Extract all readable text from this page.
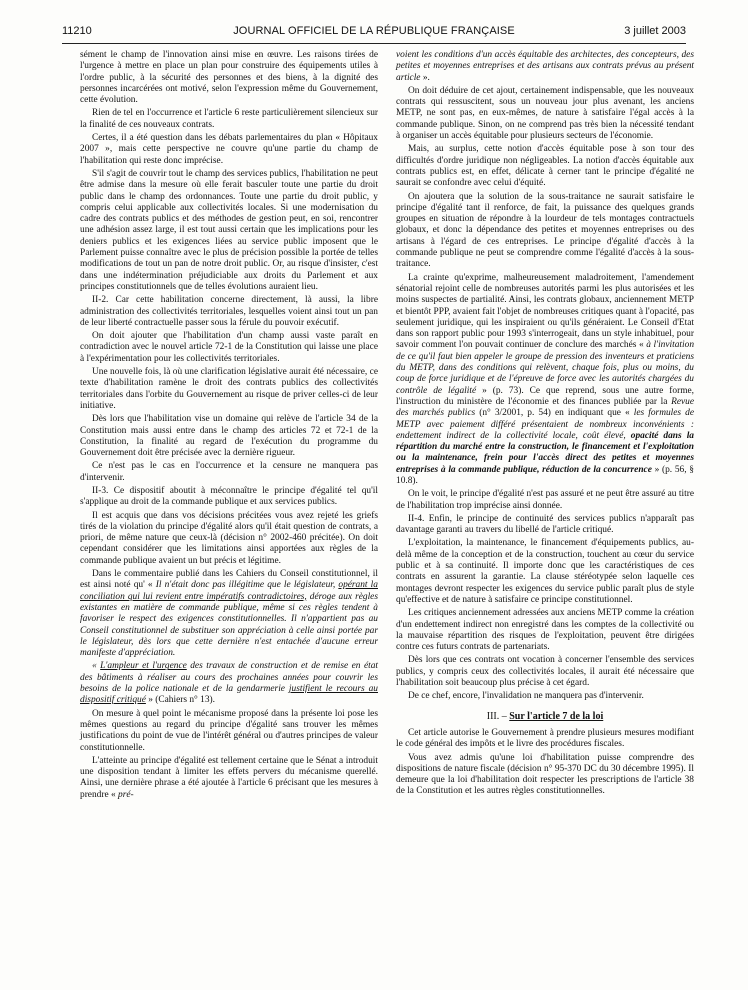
11210	JOURNAL OFFICIEL DE LA RÉPUBLIQUE FRANÇAISE	3 juillet 2003

sément le champ de l'innovation ainsi mise en œuvre. Les raisons tirées de l'urgence à mettre en place un plan pour construire des équipements utiles à l'ordre public, à la sécurité des personnes et des biens, à la dignité des personnes incarcérées ont motivé, selon l'expression même du Gouvernement, cette évolution.

Rien de tel en l'occurrence et l'article 6 reste particulièrement silencieux sur la finalité de ces nouveaux contrats.

Certes, il a été question dans les débats parlementaires du plan « Hôpitaux 2007 », mais cette perspective ne couvre qu'une partie du champ de l'habilitation qui reste donc imprécise.

S'il s'agit de couvrir tout le champ des services publics, l'habilitation ne peut être admise dans la mesure où elle ferait basculer toute une partie du droit public dans le champ des ordonnances. Toute une partie du droit public, y compris celui applicable aux collectivités locales. Si une modernisation du cadre des contrats publics et des méthodes de gestion peut, en soi, rencontrer une adhésion assez large, il est tout aussi certain que les implications pour les deniers publics et les exigences liées au service public imposent que le Parlement puisse connaître avec le plus de précision possible la portée de telles modifications de tout un pan de notre droit public. Or, au risque d'insister, c'est dans une indétermination préjudiciable aux droits du Parlement et aux principes constitutionnels que de telles évolutions auraient lieu.

II-2. Car cette habilitation concerne directement, là aussi, la libre administration des collectivités territoriales, lesquelles voient ainsi tout un pan de leur liberté contractuelle passer sous la férule du pouvoir exécutif.

On doit ajouter que l'habilitation d'un champ aussi vaste paraît en contradiction avec le nouvel article 72-1 de la Constitution qui laisse une place à l'expérimentation pour les collectivités territoriales.

Une nouvelle fois, là où une clarification législative aurait été nécessaire, ce texte d'habilitation ramène le droit des contrats publics des collectivités territoriales dans l'orbite du Gouvernement au risque de priver celles-ci de leur initiative.

Dès lors que l'habilitation vise un domaine qui relève de l'article 34 de la Constitution mais aussi entre dans le champ des articles 72 et 72-1 de la Constitution, la finalité au regard de l'exécution du programme du Gouvernement doit être précisée avec la dernière rigueur.

Ce n'est pas le cas en l'occurrence et la censure ne manquera pas d'intervenir.

II-3. Ce dispositif aboutit à méconnaître le principe d'égalité tel qu'il s'applique au droit de la commande publique et aux services publics.

Il est acquis que dans vos décisions précitées vous avez rejeté les griefs tirés de la violation du principe d'égalité alors qu'il était question de contrats, a priori, de même nature que ceux-là (décision n° 2002-460 précitée). On doit cependant considérer que les limitations ainsi apportées aux règles de la commande publique avaient un but précis et légitime.

Dans le commentaire publié dans les Cahiers du Conseil constitutionnel, il est ainsi noté qu' « Il n'était donc pas illégitime que le législateur, opérant la conciliation qui lui revient entre impératifs contradictoires, déroge aux règles existantes en matière de commande publique, même si ces règles tendent à favoriser le respect des exigences constitutionnelles. Il n'appartient pas au Conseil constitutionnel de substituer son appréciation à celle ainsi portée par le législateur, dès lors que cette dernière n'est entachée d'aucune erreur manifeste d'appréciation.

« L'ampleur et l'urgence des travaux de construction et de remise en état des bâtiments à réaliser au cours des prochaines années pour couvrir les besoins de la police nationale et de la gendarmerie justifient le recours au dispositif critiqué » (Cahiers n° 13).

On mesure à quel point le mécanisme proposé dans la présente loi pose les mêmes questions au regard du principe d'égalité sans trouver les mêmes justifications du point de vue de l'intérêt général ou d'autres principes de valeur constitutionnelle.

L'atteinte au principe d'égalité est tellement certaine que le Sénat a introduit une disposition tendant à limiter les effets pervers du mécanisme querellé. Ainsi, une dernière phrase a été ajoutée à l'article 6 précisant que les mesures à prendre « pré-

voient les conditions d'un accès équitable des architectes, des concepteurs, des petites et moyennes entreprises et des artisans aux contrats prévus au présent article ».

On doit déduire de cet ajout, certainement indispensable, que les nouveaux contrats qui ressuscitent, sous un nouveau jour plus avenant, les anciens METP, ne sont pas, en eux-mêmes, de nature à satisfaire l'égal accès à la commande publique. Sinon, on ne comprend pas très bien la nécessité tendant à organiser un accès équitable pour plusieurs secteurs de l'économie.

Mais, au surplus, cette notion d'accès équitable pose à son tour des difficultés d'ordre juridique non négligeables. La notion d'accès équitable aux contrats publics est, en effet, délicate à cerner tant le principe d'égalité ne saurait se confondre avec celui d'équité.

On ajoutera que la solution de la sous-traitance ne saurait satisfaire le principe d'égalité tant il renforce, de fait, la puissance des quelques grands groupes en situation de répondre à la lourdeur de tels montages contractuels globaux, et donc la dépendance des petites et moyennes entreprises ou des artisans à l'égard de ces entreprises. Le principe d'égalité d'accès à la commande publique ne peut se comprendre comme l'égalité d'accès à la sous-traitance.

La crainte qu'exprime, malheureusement maladroitement, l'amendement sénatorial rejoint celle de nombreuses autorités parmi les plus autorisées et les moins suspectes de partialité. Ainsi, les contrats globaux, anciennement METP et bientôt PPP, avaient fait l'objet de nombreuses critiques quant à l'opacité, pas seulement juridique, qui les inspiraient ou qu'ils généraient. Le Conseil d'Etat dans son rapport public pour 1993 s'interrogeait, dans un style inhabituel, pour savoir comment l'on pouvait continuer de conclure des marchés « à l'invitation de ce qu'il faut bien appeler le groupe de pression des inventeurs et praticiens du METP, dans des conditions qui relèvent, chaque fois, plus ou moins, du coup de force juridique et de l'épreuve de force avec les autorités chargées du contrôle de légalité » (p. 73). Ce que reprend, sous une autre forme, l'instruction du ministère de l'économie et des finances publiée par la Revue des marchés publics (n° 3/2001, p. 54) en indiquant que « les formules de METP avec paiement différé présentaient de nombreux inconvénients : endettement indirect de la collectivité locale, coût élevé, opacité dans la répartition du marché entre la construction, le financement et l'exploitation ou la maintenance, frein pour l'accès direct des petites et moyennes entreprises à la commande publique, réduction de la concurrence » (p. 56, § 10.8).

On le voit, le principe d'égalité n'est pas assuré et ne peut être assuré au titre de l'habilitation trop imprécise ainsi donnée.

II-4. Enfin, le principe de continuité des services publics n'apparaît pas davantage garanti au travers du libellé de l'article critiqué.

L'exploitation, la maintenance, le financement d'équipements publics, au-delà même de la conception et de la construction, touchent au cœur du service public et à sa continuité. Il importe donc que les caractéristiques de ces contrats en assurent la garantie. La clause stéréotypée selon laquelle ces montages devront respecter les exigences du service public paraît plus de style qu'effective et de nature à satisfaire ce principe constitutionnel.

Les critiques anciennement adressées aux anciens METP comme la création d'un endettement indirect non enregistré dans les comptes de la collectivité ou la mauvaise répartition des risques de l'exploitation, peuvent être dirigées contre ces futurs contrats de partenariats.

Dès lors que ces contrats ont vocation à concerner l'ensemble des services publics, y compris ceux des collectivités locales, il aurait été nécessaire que l'habilitation soit beaucoup plus précise à cet égard.

De ce chef, encore, l'invalidation ne manquera pas d'intervenir.

III. – Sur l'article 7 de la loi

Cet article autorise le Gouvernement à prendre plusieurs mesures modifiant le code général des impôts et le livre des procédures fiscales.

Vous avez admis qu'une loi d'habilitation puisse comprendre des dispositions de nature fiscale (décision n° 95-370 DC du 30 décembre 1995). Il demeure que la loi d'habilitation doit respecter les prescriptions de l'article 38 de la Constitution et les autres règles constitutionnelles.
